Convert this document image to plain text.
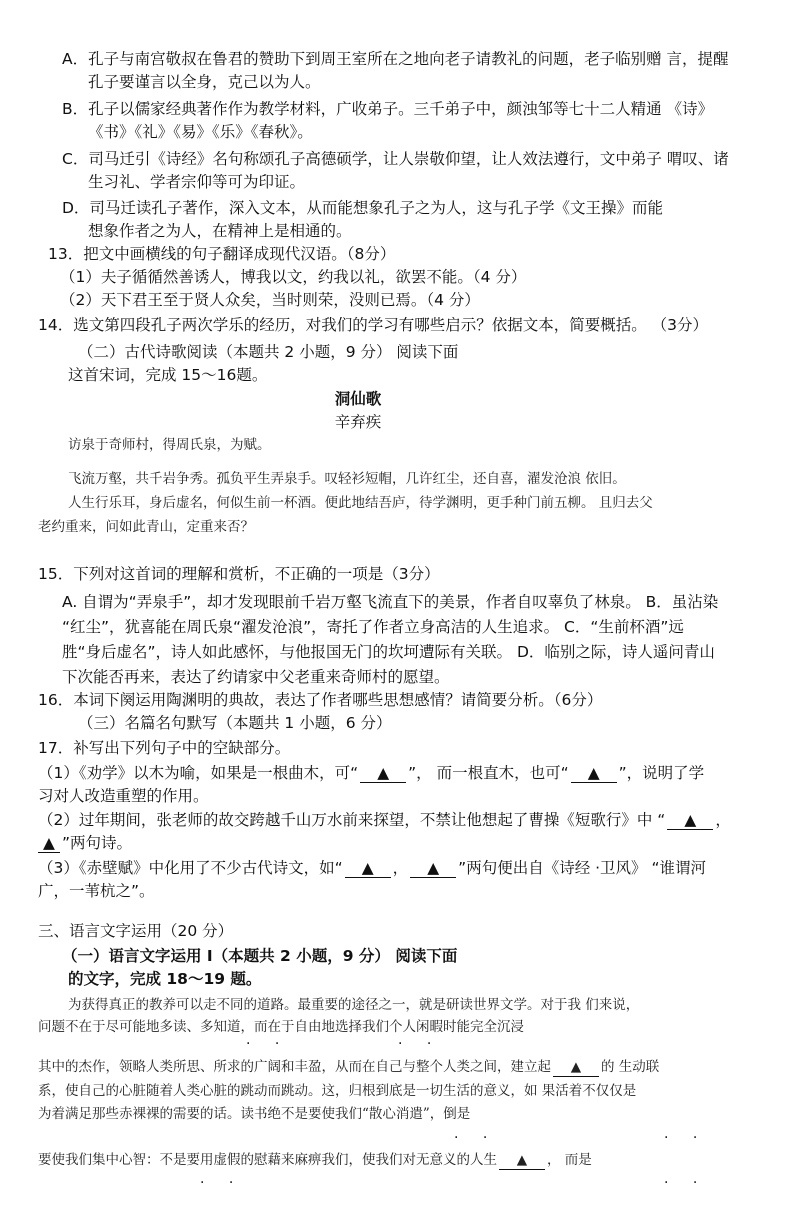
A．孔子与南宫敬叔在鲁君的赞助下到周王室所在之地向老子请教礼的问题，老子临别赠 言，提醒
孔子要谨言以全身，克己以为人。
B．孔子以儒家经典著作作为教学材料，广收弟子。三千弟子中，颜浊邹等七十二人精通 《诗》
《书》《礼》《易》《乐》《春秋》。
C．司马迁引《诗经》名句称颂孔子高德硕学，让人崇敬仰望，让人效法遵行，文中弟子 喟叹、诸
生习礼、学者宗仰等可为印证。
D．司马迁读孔子著作，深入文本，从而能想象孔子之为人，这与孔子学《文王操》而能
想象作者之为人，在精神上是相通的。
13．把文中画横线的句子翻译成现代汉语。（8分）
（1）夫子循循然善诱人，博我以文，约我以礼，欲罢不能。（4 分）
（2）天下君王至于贤人众矣，当时则荣，没则已焉。（4 分）
14．选文第四段孔子两次学乐的经历，对我们的学习有哪些启示？依据文本，简要概括。 （3分）
（二）古代诗歌阅读（本题共 2 小题，9 分） 阅读下面
这首宋词，完成 15～16题。
洞仙歌
辛弃疾
访泉于奇师村，得周氏泉，为赋。
飞流万壑，共千岩争秀。孤负平生弄泉手。叹轻衫短帽，几许红尘，还自喜，濯发沧浪 依旧。
人生行乐耳，身后虚名，何似生前一杯酒。便此地结吾庐，待学渊明，更手种门前五柳。 且归去父
老约重来，问如此青山，定重来否？
15．下列对这首词的理解和赏析，不正确的一项是（3分）
A. 自谓为“弄泉手”，却才发现眼前千岩万壑飞流直下的美景，作者自叹辜负了林泉。 B．虽沾染
“红尘”，犹喜能在周氏泉“濯发沧浪”，寄托了作者立身高洁的人生追求。 C．“生前杯酒”远
胜“身后虚名”，诗人如此感怀，与他报国无门的坎坷遭际有关联。 D．临别之际，诗人遥问青山
下次能否再来，表达了约请家中父老重来奇师村的愿望。
16．本词下阕运用陶渊明的典故，表达了作者哪些思想感情？请简要分析。（6分）
（三）名篇名句默写（本题共 1 小题，6 分）
17．补写出下列句子中的空缺部分。
（1）《劝学》以木为喻，如果是一根曲木，可“ ▲ ”， 而一根直木，也可“ ▲ ”，说明了学
习对人改造重塑的作用。
（2）过年期间，张老师的故交跨越千山万水前来探望，不禁让他想起了曹操《短歌行》中 “ ▲ ，
▲ ”两句诗。
（3）《赤壁赋》中化用了不少古代诗文，如“ ▲ ， ▲ ”两句便出自《诗经 ·卫风》 “谁谓河
广，一苇杭之”。
三、语言文字运用（20 分）
（一）语言文字运用 Ⅰ（本题共 2 小题，9 分） 阅读下面
的文字，完成 18～19 题。
为获得真正的教养可以走不同的道路。最重要的途径之一，就是研读世界文学。对于我 们来说，
问题不在于尽可能地多读、多知道，而在于自由地选择我们个人闲暇时能完全沉浸
· ·	· ·
其中的杰作，领略人类所思、所求的广阔和丰盈，从而在自己与整个人类之间，建立起 ▲ 的 生动联
系，使自己的心脏随着人类心脏的跳动而跳动。这，归根到底是一切生活的意义，如 果活着不仅仅是
为着满足那些赤裸裸的需要的话。读书绝不是要使我们“散心消遣”，倒是
· ·	· ·
要使我们集中心智：不是要用虚假的慰藉来麻痹我们，使我们对无意义的人生 ▲ ， 而是
· ·	· ·
